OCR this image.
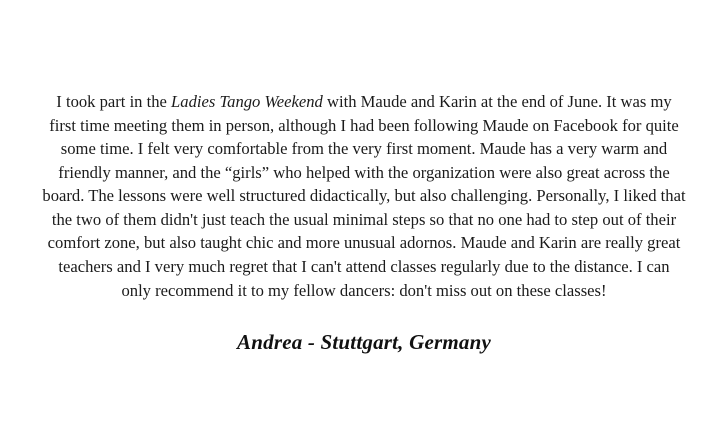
I took part in the Ladies Tango Weekend with Maude and Karin at the end of June. It was my first time meeting them in person, although I had been following Maude on Facebook for quite some time. I felt very comfortable from the very first moment. Maude has a very warm and friendly manner, and the “girls” who helped with the organization were also great across the board. The lessons were well structured didactically, but also challenging. Personally, I liked that the two of them didn't just teach the usual minimal steps so that no one had to step out of their comfort zone, but also taught chic and more unusual adornos. Maude and Karin are really great teachers and I very much regret that I can't attend classes regularly due to the distance. I can only recommend it to my fellow dancers: don't miss out on these classes!

Andrea - Stuttgart, Germany
